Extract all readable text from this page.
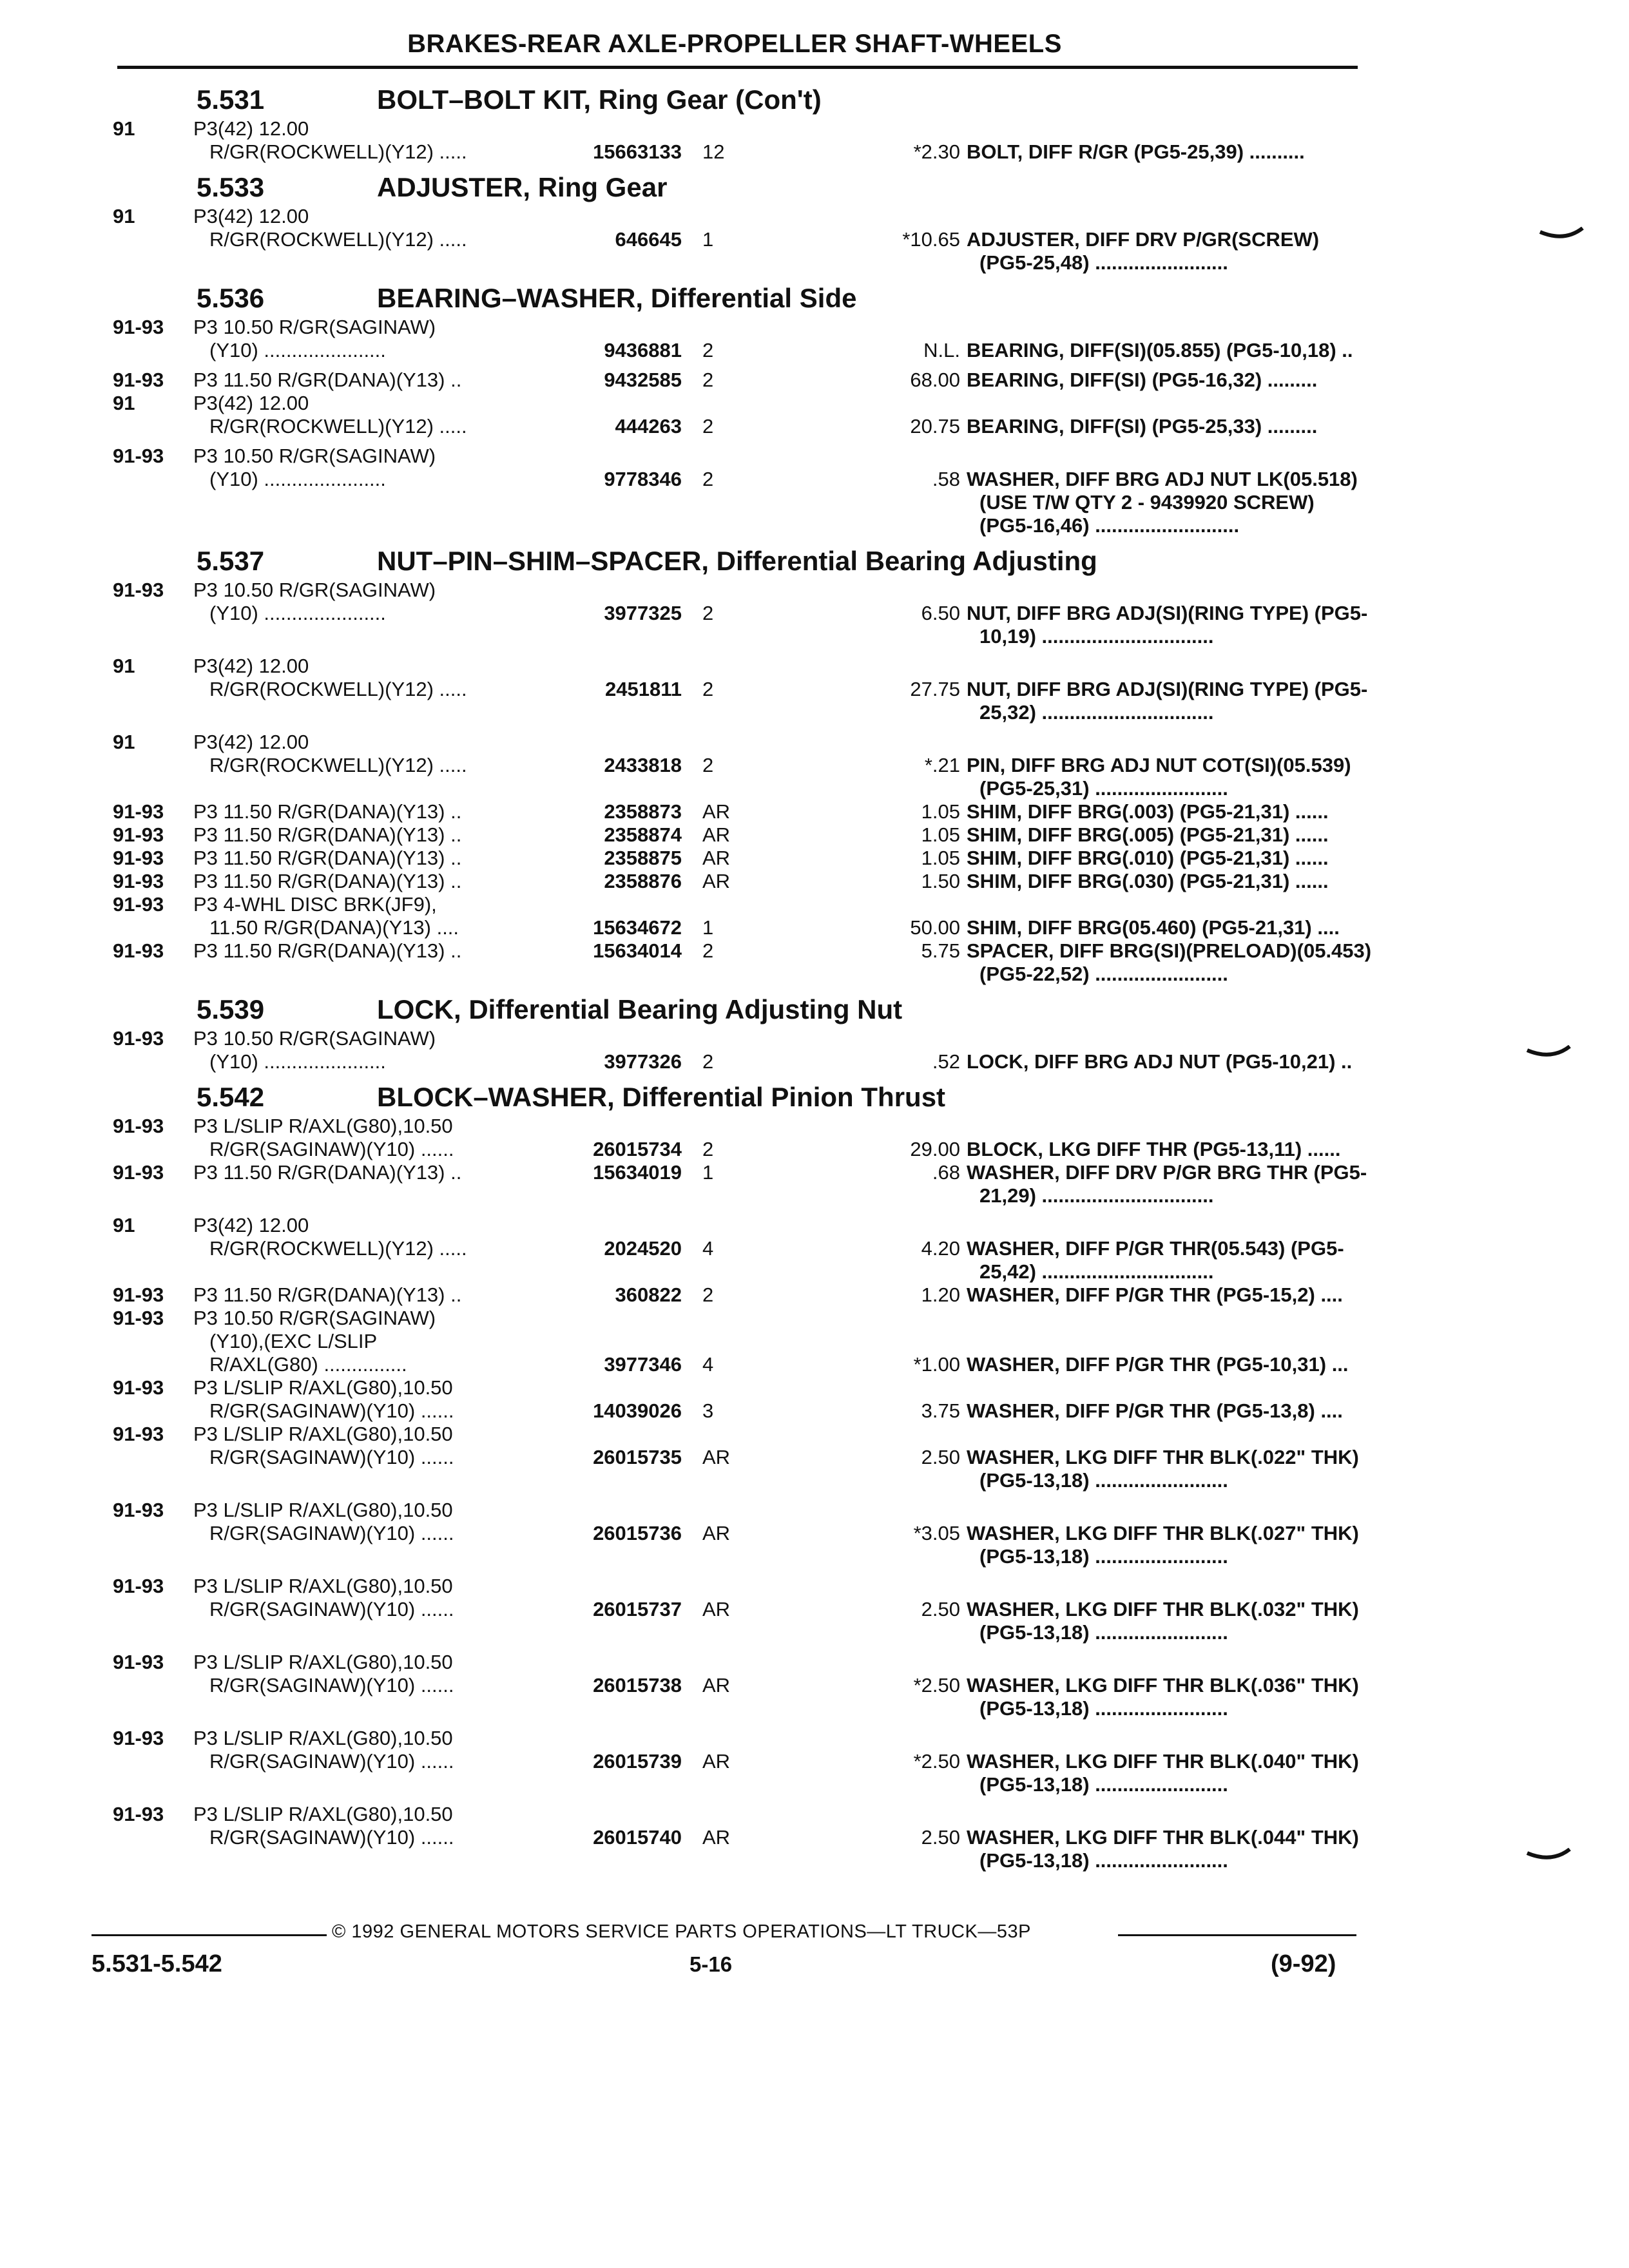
BRAKES-REAR AXLE-PROPELLER SHAFT-WHEELS
5.531	BOLT–BOLT KIT, Ring Gear (Con't)
91	P3(42) 12.00
R/GR(ROCKWELL)(Y12) .....	15663133 12	*2.30 BOLT, DIFF R/GR (PG5-25,39) ..........
5.533	ADJUSTER, Ring Gear
91	P3(42) 12.00
R/GR(ROCKWELL)(Y12) .....	646645 1	*10.65 ADJUSTER, DIFF DRV P/GR(SCREW)
(PG5-25,48) ........................
5.536	BEARING–WASHER, Differential Side
91-93 P3 10.50 R/GR(SAGINAW)
(Y10) ......................	9436881 2	N.L. BEARING, DIFF(SI)(05.855) (PG5-10,18) ..
91-93 P3 11.50 R/GR(DANA)(Y13) ..	9432585 2	68.00 BEARING, DIFF(SI) (PG5-16,32) .........
91	P3(42) 12.00
R/GR(ROCKWELL)(Y12) .....	444263 2	20.75 BEARING, DIFF(SI) (PG5-25,33) .........
91-93 P3 10.50 R/GR(SAGINAW)
(Y10) ......................	9778346 2	.58 WASHER, DIFF BRG ADJ NUT LK(05.518)
(USE T/W QTY 2 - 9439920 SCREW)
(PG5-16,46) ..........................
5.537	NUT–PIN–SHIM–SPACER, Differential Bearing Adjusting
91-93 P3 10.50 R/GR(SAGINAW)
(Y10) ......................	3977325 2	6.50 NUT, DIFF BRG ADJ(SI)(RING TYPE) (PG5-
10,19) ...............................
91	P3(42) 12.00
R/GR(ROCKWELL)(Y12) .....	2451811 2	27.75 NUT, DIFF BRG ADJ(SI)(RING TYPE) (PG5-
25,32) ...............................
91	P3(42) 12.00
R/GR(ROCKWELL)(Y12) .....	2433818 2	*.21 PIN, DIFF BRG ADJ NUT COT(SI)(05.539)
(PG5-25,31) ........................
91-93 P3 11.50 R/GR(DANA)(Y13) ..	2358873 AR	1.05 SHIM, DIFF BRG(.003) (PG5-21,31) ......
91-93 P3 11.50 R/GR(DANA)(Y13) ..	2358874 AR	1.05 SHIM, DIFF BRG(.005) (PG5-21,31) ......
91-93 P3 11.50 R/GR(DANA)(Y13) ..	2358875 AR	1.05 SHIM, DIFF BRG(.010) (PG5-21,31) ......
91-93 P3 11.50 R/GR(DANA)(Y13) ..	2358876 AR	1.50 SHIM, DIFF BRG(.030) (PG5-21,31) ......
91-93 P3 4-WHL DISC BRK(JF9),
11.50 R/GR(DANA)(Y13) ....	15634672 1	50.00 SHIM, DIFF BRG(05.460) (PG5-21,31) ....
91-93 P3 11.50 R/GR(DANA)(Y13) ..	15634014 2	5.75 SPACER, DIFF BRG(SI)(PRELOAD)(05.453)
(PG5-22,52) ........................
5.539	LOCK, Differential Bearing Adjusting Nut
91-93 P3 10.50 R/GR(SAGINAW)
(Y10) ......................	3977326 2	.52 LOCK, DIFF BRG ADJ NUT (PG5-10,21) ..
5.542	BLOCK–WASHER, Differential Pinion Thrust
91-93 P3 L/SLIP R/AXL(G80),10.50
R/GR(SAGINAW)(Y10) ......	26015734 2	29.00 BLOCK, LKG DIFF THR (PG5-13,11) ......
91-93 P3 11.50 R/GR(DANA)(Y13) ..	15634019 1	.68 WASHER, DIFF DRV P/GR BRG THR (PG5-
21,29) ...............................
91	P3(42) 12.00
R/GR(ROCKWELL)(Y12) .....	2024520 4	4.20 WASHER, DIFF P/GR THR(05.543) (PG5-
25,42) ...............................
91-93 P3 11.50 R/GR(DANA)(Y13) ..	360822 2	1.20 WASHER, DIFF P/GR THR (PG5-15,2) ....
91-93 P3 10.50 R/GR(SAGINAW)
(Y10),(EXC L/SLIP
R/AXL(G80) ...............	3977346 4	*1.00 WASHER, DIFF P/GR THR (PG5-10,31) ...
91-93 P3 L/SLIP R/AXL(G80),10.50
R/GR(SAGINAW)(Y10) ......	14039026 3	3.75 WASHER, DIFF P/GR THR (PG5-13,8) ....
91-93 P3 L/SLIP R/AXL(G80),10.50
R/GR(SAGINAW)(Y10) ......	26015735 AR	2.50 WASHER, LKG DIFF THR BLK(.022" THK)
(PG5-13,18) ........................
91-93 P3 L/SLIP R/AXL(G80),10.50
R/GR(SAGINAW)(Y10) ......	26015736 AR	*3.05 WASHER, LKG DIFF THR BLK(.027" THK)
(PG5-13,18) ........................
91-93 P3 L/SLIP R/AXL(G80),10.50
R/GR(SAGINAW)(Y10) ......	26015737 AR	2.50 WASHER, LKG DIFF THR BLK(.032" THK)
(PG5-13,18) ........................
91-93 P3 L/SLIP R/AXL(G80),10.50
R/GR(SAGINAW)(Y10) ......	26015738 AR	*2.50 WASHER, LKG DIFF THR BLK(.036" THK)
(PG5-13,18) ........................
91-93 P3 L/SLIP R/AXL(G80),10.50
R/GR(SAGINAW)(Y10) ......	26015739 AR	*2.50 WASHER, LKG DIFF THR BLK(.040" THK)
(PG5-13,18) ........................
91-93 P3 L/SLIP R/AXL(G80),10.50
R/GR(SAGINAW)(Y10) ......	26015740 AR	2.50 WASHER, LKG DIFF THR BLK(.044" THK)
(PG5-13,18) ........................
© 1992 GENERAL MOTORS SERVICE PARTS OPERATIONS—LT TRUCK—53P
5.531-5.542	5-16	(9-92)
